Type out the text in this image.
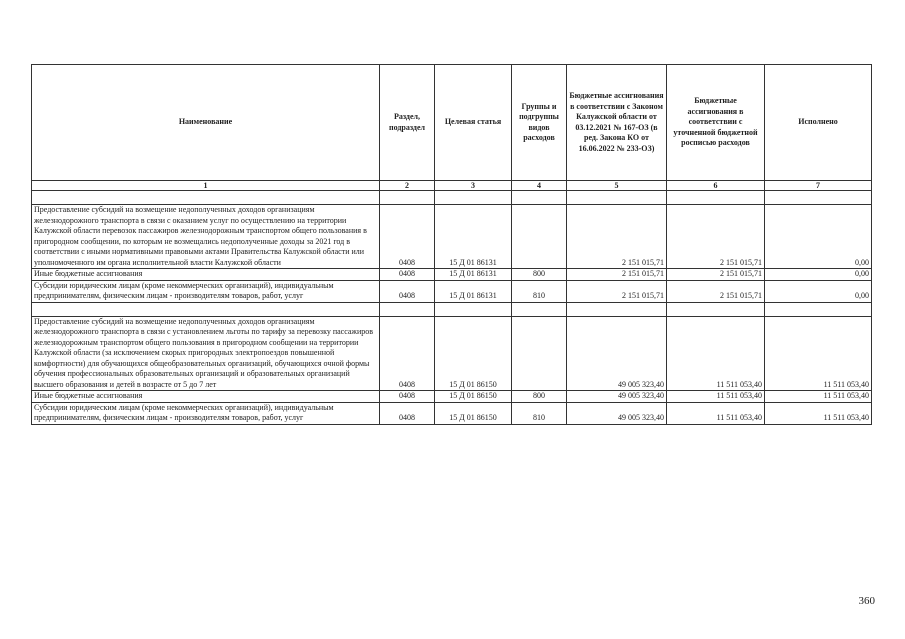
Наименование	Раздел, подраздел	Целевая статья	Группы и подгруппы видов расходов	Бюджетные ассигнования в соответствии с Законом Калужской области от 03.12.2021 № 167-ОЗ (в ред. Закона КО от 16.06.2022 № 233-ОЗ)	Бюджетные ассигнования в соответствии с уточненной бюджетной росписью расходов	Исполнено
1	2	3	4	5	6	7

Предоставление субсидий на возмещение недополученных доходов организациям железнодорожного транспорта в связи с оказанием услуг по осуществлению на территории Калужской области перевозок пассажиров железнодорожным транспортом общего пользования в пригородном сообщении, по которым не возмещались недополученные доходы за 2021 год в соответствии с иными нормативными правовыми актами Правительства Калужской области или уполномоченного им органа исполнительной власти Калужской области	0408	15 Д 01 86131		2 151 015,71	2 151 015,71	0,00
Иные бюджетные ассигнования	0408	15 Д 01 86131	800	2 151 015,71	2 151 015,71	0,00
Субсидии юридическим лицам (кроме некоммерческих организаций), индивидуальным предпринимателям, физическим лицам - производителям товаров, работ, услуг	0408	15 Д 01 86131	810	2 151 015,71	2 151 015,71	0,00

Предоставление субсидий на возмещение недополученных доходов организациям железнодорожного транспорта в связи с установлением льготы по тарифу за перевозку пассажиров железнодорожным транспортом общего пользования в пригородном сообщении на территории Калужской области (за исключением скорых пригородных электропоездов повышенной комфортности) для обучающихся общеобразовательных организаций, обучающихся очной формы обучения профессиональных образовательных организаций и образовательных организаций высшего образования и детей в возрасте от 5 до 7 лет	0408	15 Д 01 86150		49 005 323,40	11 511 053,40	11 511 053,40
Иные бюджетные ассигнования	0408	15 Д 01 86150	800	49 005 323,40	11 511 053,40	11 511 053,40
Субсидии юридическим лицам (кроме некоммерческих организаций), индивидуальным предпринимателям, физическим лицам - производителям товаров, работ, услуг	0408	15 Д 01 86150	810	49 005 323,40	11 511 053,40	11 511 053,40
360
